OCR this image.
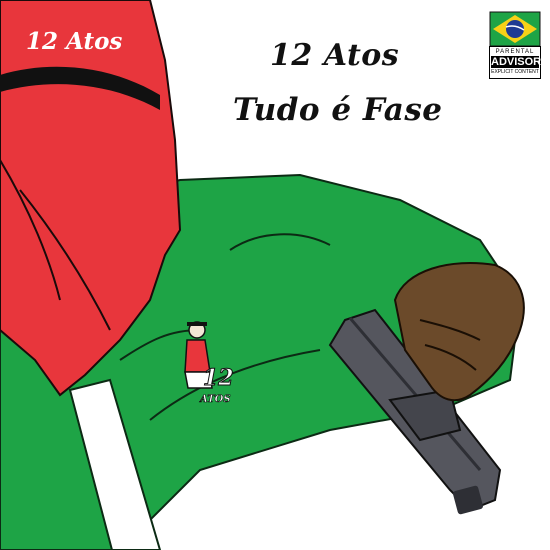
12
ATOS
12 Atos	12 Atos
Tudo é Fase
PARENTAL
ADVISORY
EXPLICIT CONTENT
